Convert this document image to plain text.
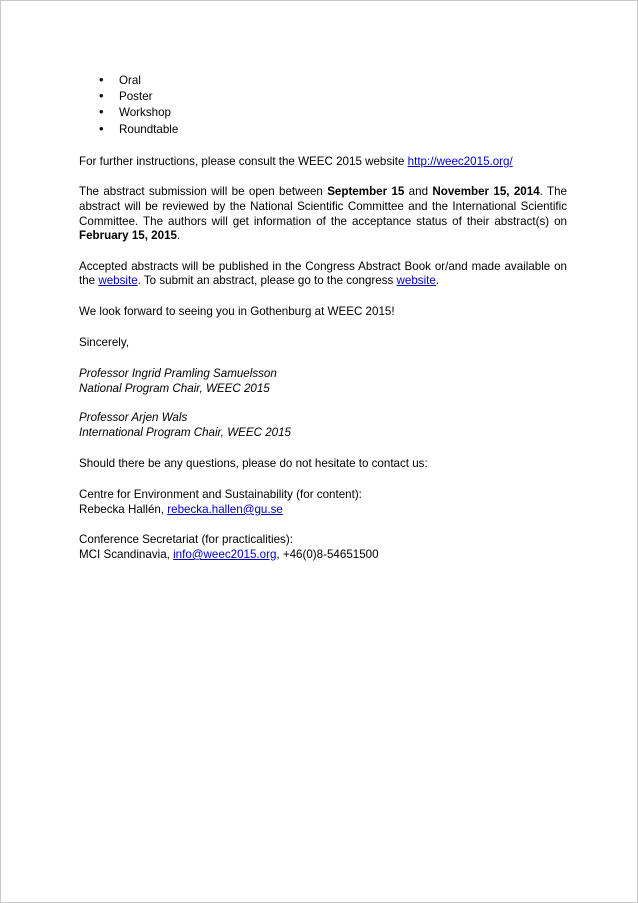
• Oral
• Poster
• Workshop
• Roundtable

For further instructions, please consult the WEEC 2015 website http://weec2015.org/

The abstract submission will be open between September 15 and November 15, 2014. The abstract will be reviewed by the National Scientific Committee and the International Scientific Committee. The authors will get information of the acceptance status of their abstract(s) on February 15, 2015.

Accepted abstracts will be published in the Congress Abstract Book or/and made available on the website. To submit an abstract, please go to the congress website.

We look forward to seeing you in Gothenburg at WEEC 2015!

Sincerely,

Professor Ingrid Pramling Samuelsson
National Program Chair, WEEC 2015
Professor Arjen Wals
International Program Chair, WEEC 2015

Should there be any questions, please do not hesitate to contact us:

Centre for Environment and Sustainability (for content):
Rebecka Hallén, rebecka.hallen@gu.se
Conference Secretariat (for practicalities):
MCI Scandinavia, info@weec2015.org, +46(0)8-54651500
